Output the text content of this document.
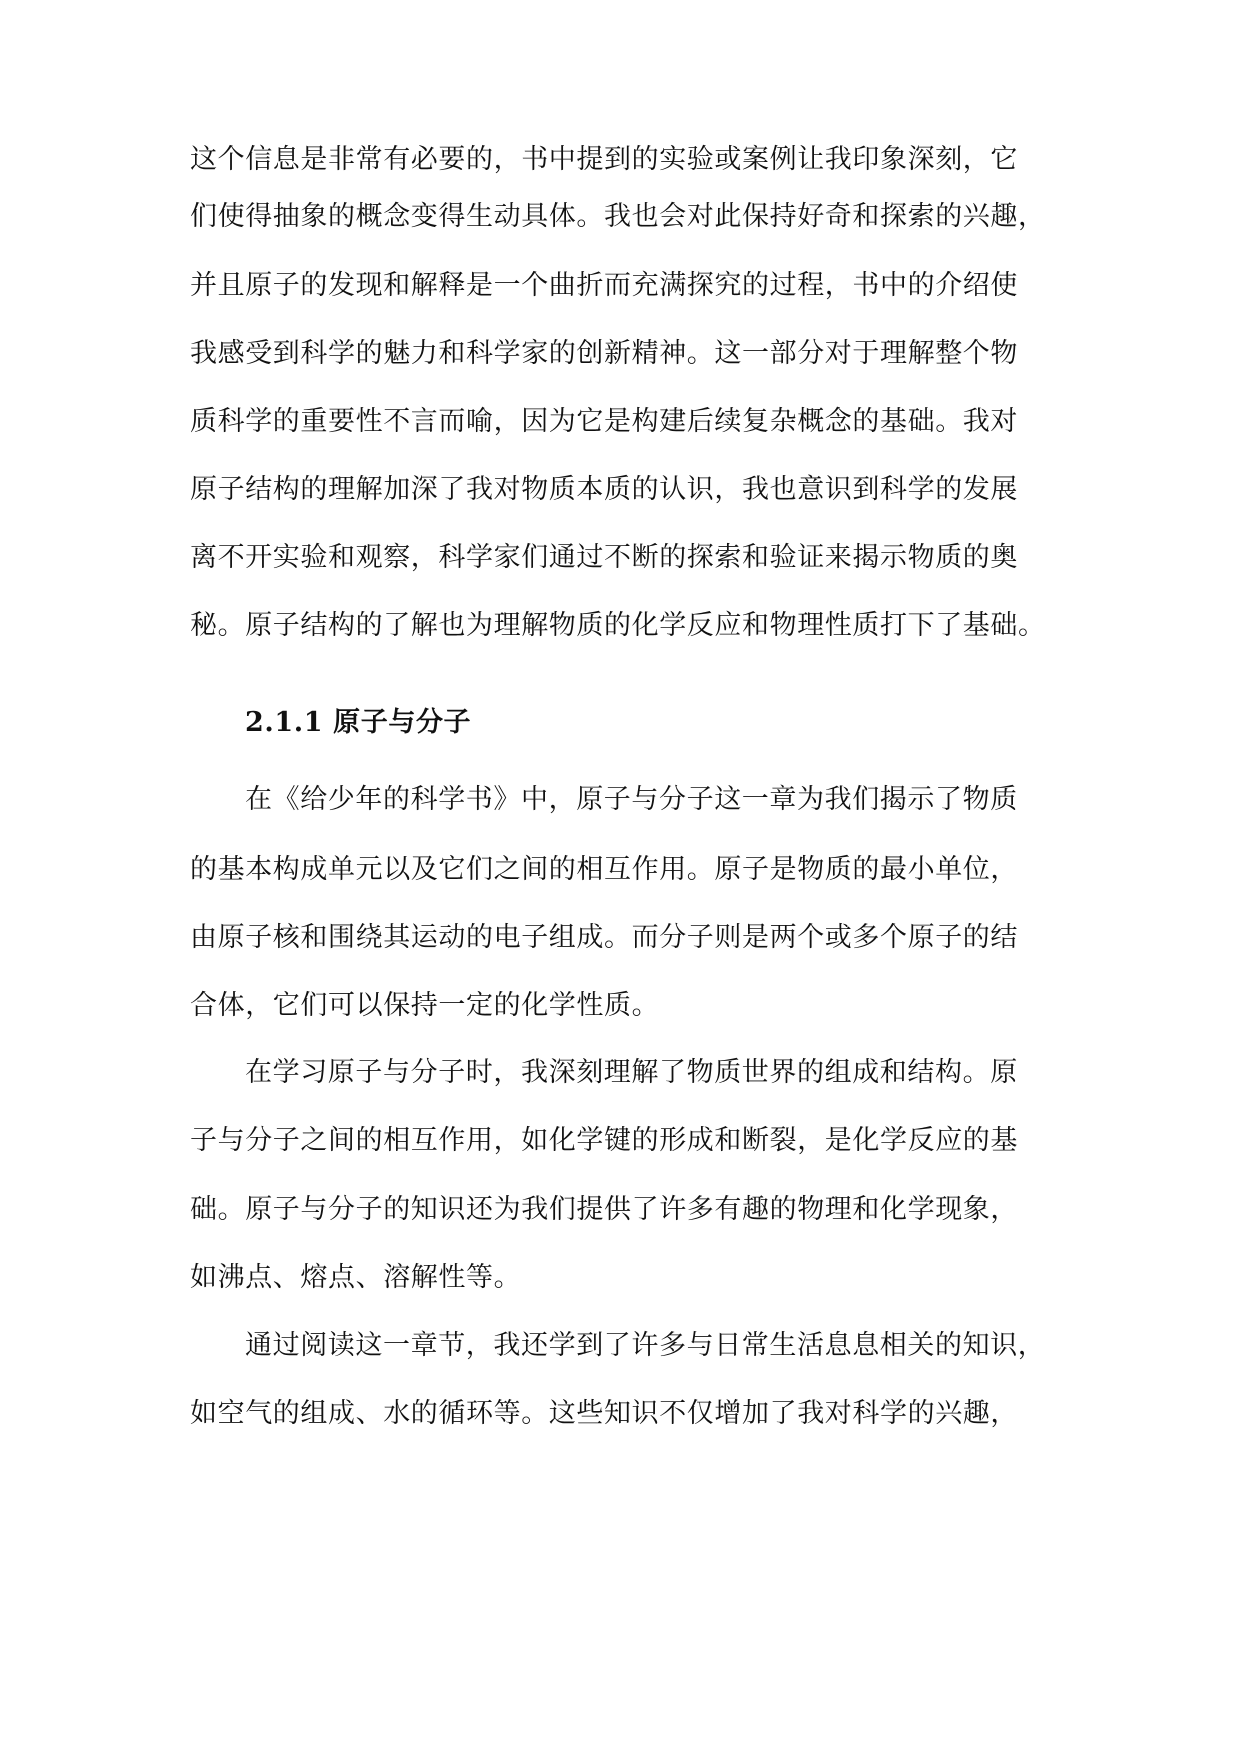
这个信息是非常有必要的，书中提到的实验或案例让我印象深刻，它
们使得抽象的概念变得生动具体。我也会对此保持好奇和探索的兴趣，
并且原子的发现和解释是一个曲折而充满探究的过程，书中的介绍使
我感受到科学的魅力和科学家的创新精神。这一部分对于理解整个物
质科学的重要性不言而喻，因为它是构建后续复杂概念的基础。我对
原子结构的理解加深了我对物质本质的认识，我也意识到科学的发展
离不开实验和观察，科学家们通过不断的探索和验证来揭示物质的奥
秘。原子结构的了解也为理解物质的化学反应和物理性质打下了基础。
2.1.1 原子与分子
在《给少年的科学书》中，原子与分子这一章为我们揭示了物质
的基本构成单元以及它们之间的相互作用。原子是物质的最小单位，
由原子核和围绕其运动的电子组成。而分子则是两个或多个原子的结
合体，它们可以保持一定的化学性质。
在学习原子与分子时，我深刻理解了物质世界的组成和结构。原
子与分子之间的相互作用，如化学键的形成和断裂，是化学反应的基
础。原子与分子的知识还为我们提供了许多有趣的物理和化学现象，
如沸点、熔点、溶解性等。
通过阅读这一章节，我还学到了许多与日常生活息息相关的知识，
如空气的组成、水的循环等。这些知识不仅增加了我对科学的兴趣，
